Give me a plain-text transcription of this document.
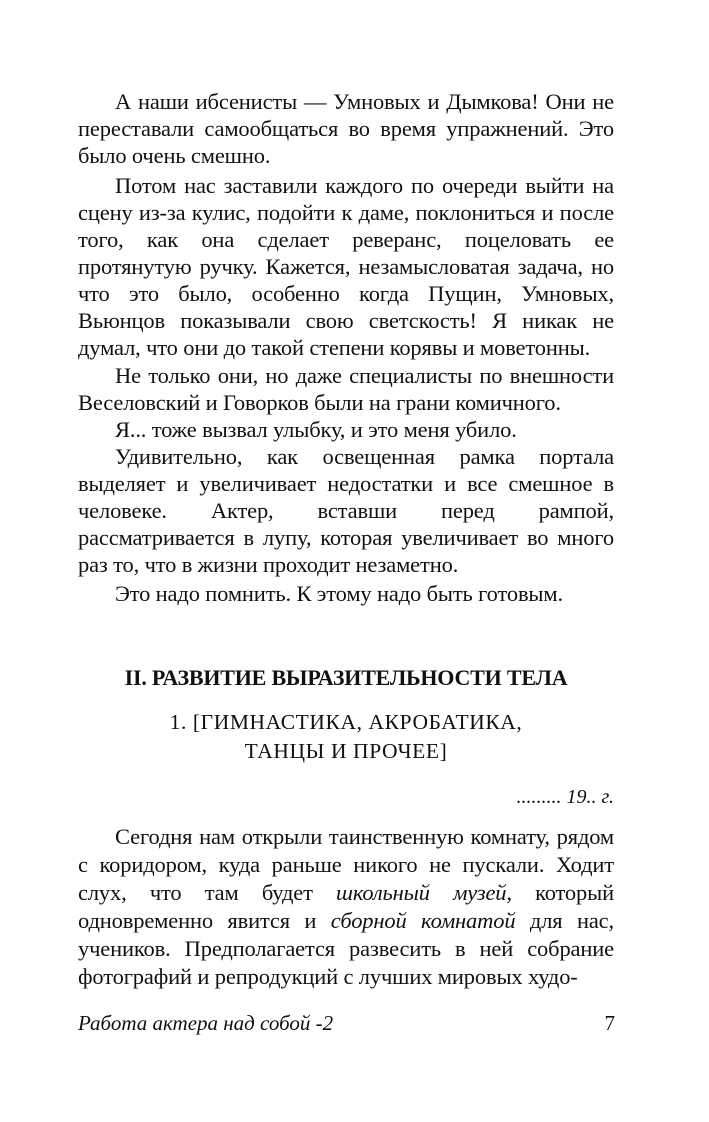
А наши ибсенисты — Умновых и Дымкова! Они не переставали самообщаться во время упражнений. Это было очень смешно.

Потом нас заставили каждого по очереди выйти на сцену из-за кулис, подойти к даме, поклониться и после того, как она сделает реверанс, поцеловать ее протянутую ручку. Кажется, незамысловатая задача, но что это было, особенно когда Пущин, Умновых, Вьюнцов показывали свою светскость! Я никак не думал, что они до такой степени корявы и моветонны.

Не только они, но даже специалисты по внешности Веселовский и Говорков были на грани комичного.

Я... тоже вызвал улыбку, и это меня убило.

Удивительно, как освещенная рамка портала выделяет и увеличивает недостатки и все смешное в человеке. Актер, вставши перед рампой, рассматривается в лупу, которая увеличивает во много раз то, что в жизни проходит незаметно.

Это надо помнить. К этому надо быть готовым.

II. РАЗВИТИЕ ВЫРАЗИТЕЛЬНОСТИ ТЕЛА
1. [ГИМНАСТИКА, АКРОБАТИКА,
ТАНЦЫ И ПРОЧЕЕ]

......... 19.. г.

Сегодня нам открыли таинственную комнату, рядом с коридором, куда раньше никого не пускали. Ходит слух, что там будет школьный музей, который одновременно явится и сборной комнатой для нас, учеников. Предполагается развесить в ней собрание фотографий и репродукций с лучших мировых худо-

Работа актера над собой -2	7
